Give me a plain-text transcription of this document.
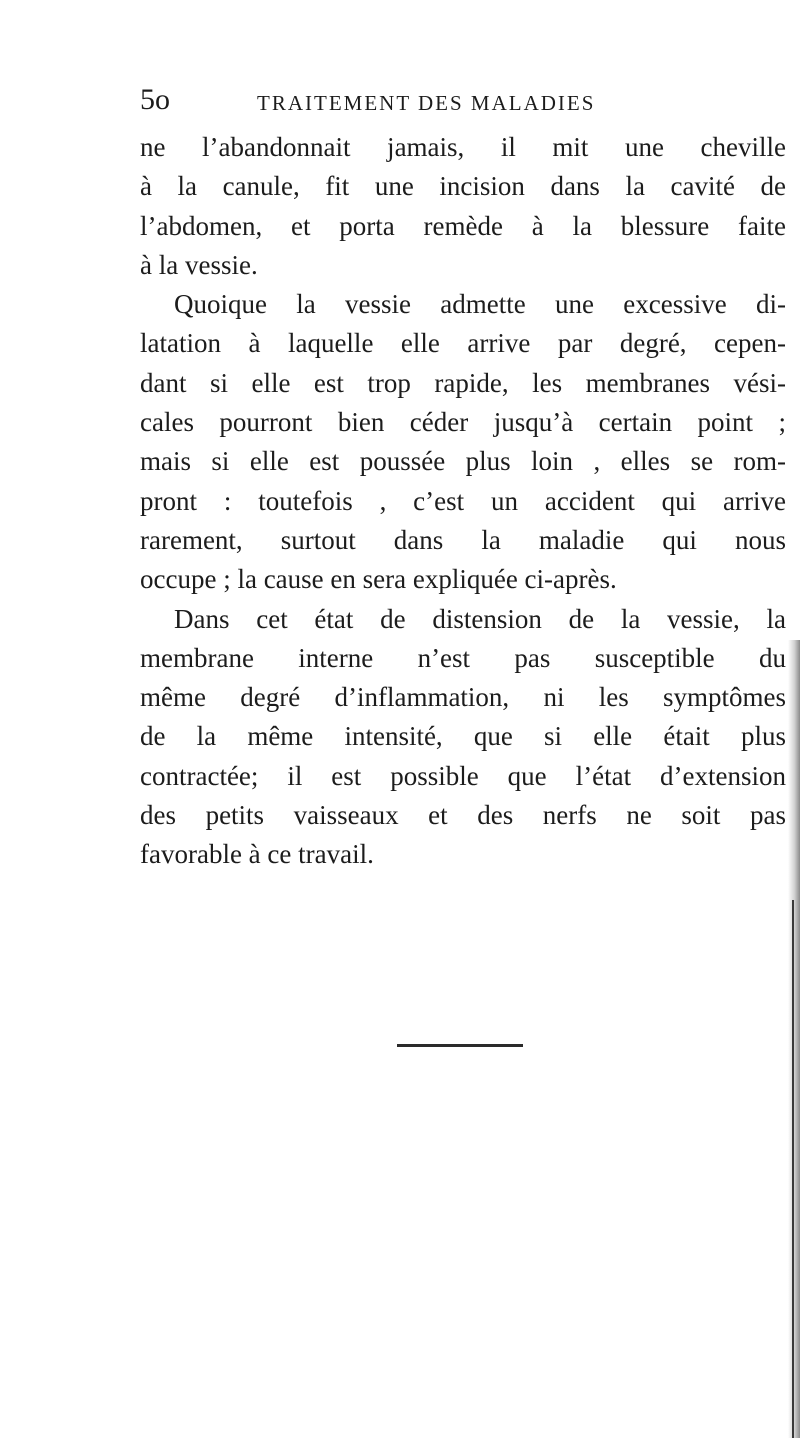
5o	TRAITEMENT DES MALADIES
ne l’abandonnait jamais, il mit une cheville
à la canule, fit une incision dans la cavité de
l’abdomen, et porta remède à la blessure faite
à la vessie.
Quoique la vessie admette une excessive di-
latation à laquelle elle arrive par degré, cepen-
dant si elle est trop rapide, les membranes vési-
cales pourront bien céder jusqu’à certain point ;
mais si elle est poussée plus loin , elles se rom-
pront : toutefois , c’est un accident qui arrive
rarement, surtout dans la maladie qui nous
occupe ; la cause en sera expliquée ci-après.
Dans cet état de distension de la vessie, la
membrane interne n’est pas susceptible du
même degré d’inflammation, ni les symptômes
de la même intensité, que si elle était plus
contractée; il est possible que l’état d’extension
des petits vaisseaux et des nerfs ne soit pas
favorable à ce travail.
